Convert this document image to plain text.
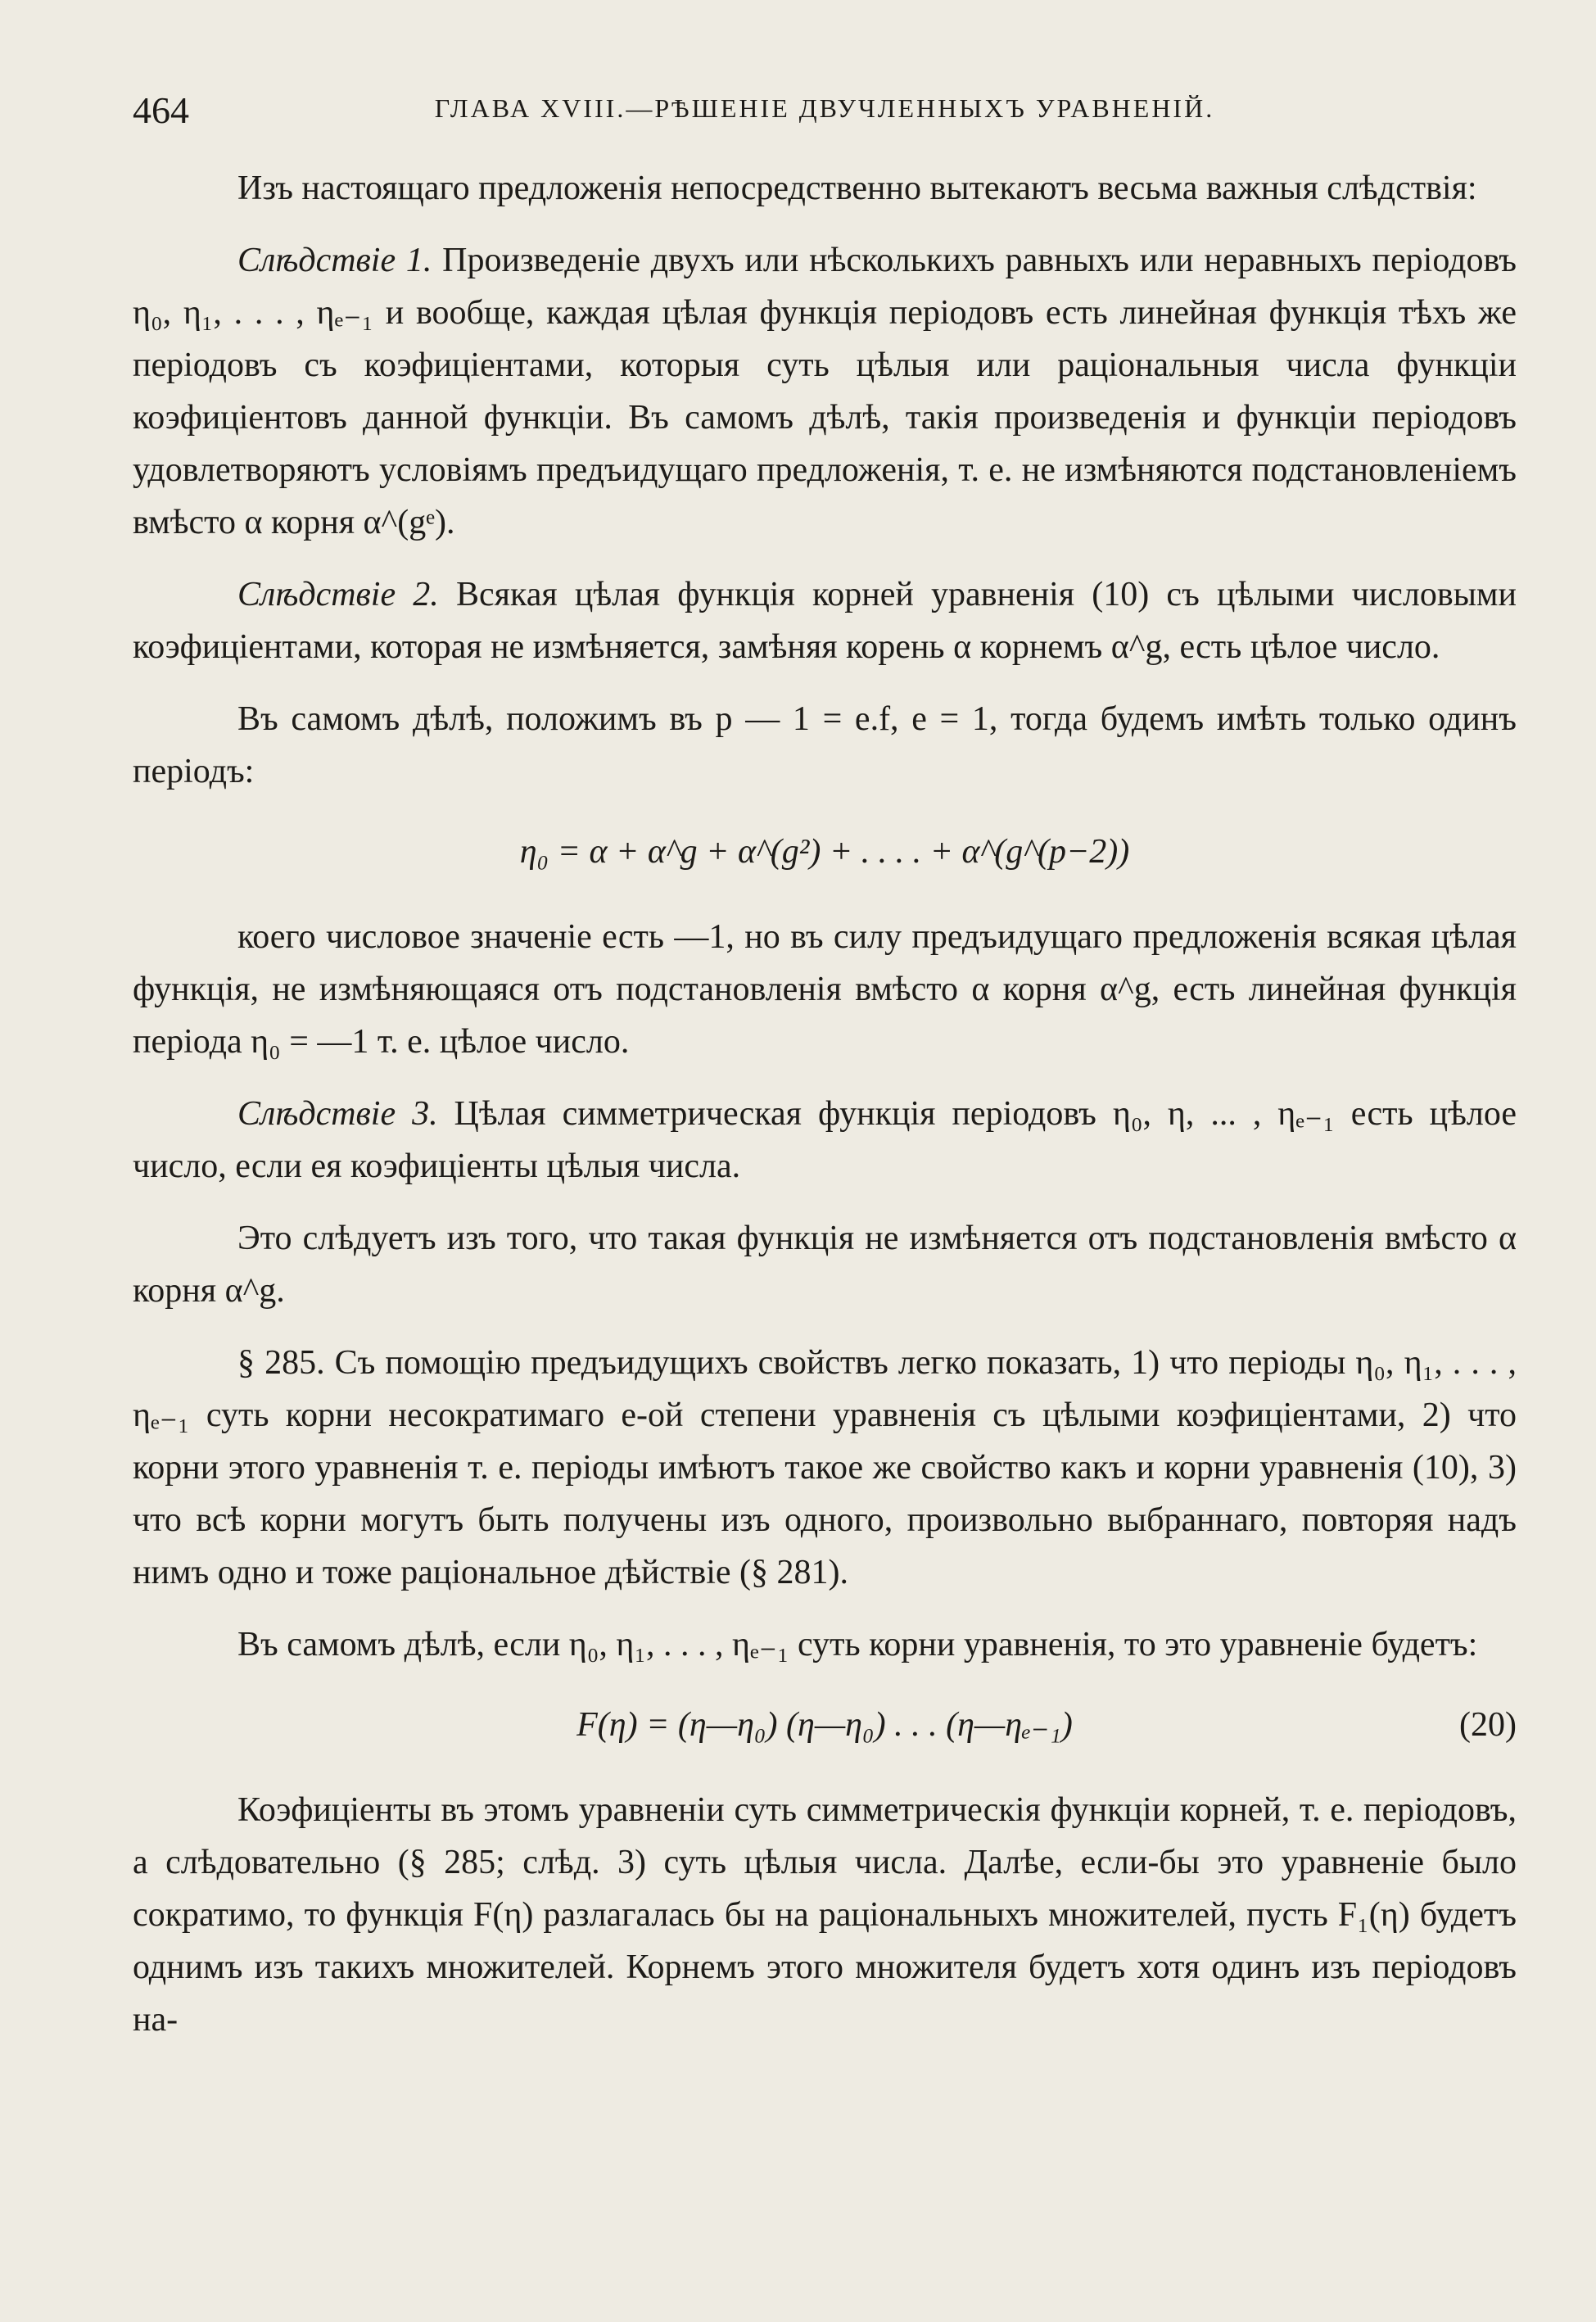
464	ГЛАВА XVIII.—РѢШЕНІЕ ДВУЧЛЕННЫХЪ УРАВНЕНІЙ.

Изъ настоящаго предложенія непосредственно вытекаютъ весьма важныя слѣдствія:

Слѣдствіе 1. Произведеніе двухъ или нѣсколькихъ равныхъ или неравныхъ періодовъ η₀, η₁, . . . , ηₑ₋₁ и вообще, каждая цѣлая функція періодовъ есть линейная функція тѣхъ же періодовъ съ коэфиціентами, которыя суть цѣлыя или раціональныя числа функціи коэфиціентовъ данной функціи. Въ самомъ дѣлѣ, такія произведенія и функціи періодовъ удовлетворяютъ условіямъ предъидущаго предложенія, т. е. не измѣняются подстановленіемъ вмѣсто α корня α^(gᵉ).

Слѣдствіе 2. Всякая цѣлая функція корней уравненія (10) съ цѣлыми числовыми коэфиціентами, которая не измѣняется, замѣняя корень α корнемъ α^g, есть цѣлое число.

Въ самомъ дѣлѣ, положимъ въ p — 1 = e.f, e = 1, тогда будемъ имѣть только одинъ періодъ:

η₀ = α + α^g + α^(g²) + . . . . + α^(g^(p−2))

коего числовое значеніе есть —1, но въ силу предъидущаго предложенія всякая цѣлая функція, не измѣняющаяся отъ подстановленія вмѣсто α корня α^g, есть линейная функція періода η₀ = —1 т. е. цѣлое число.

Слѣдствіе 3. Цѣлая симметрическая функція періодовъ η₀, η, ... , ηₑ₋₁ есть цѣлое число, если ея коэфиціенты цѣлыя числа.

Это слѣдуетъ изъ того, что такая функція не измѣняется отъ подстановленія вмѣсто α корня α^g.

§ 285. Съ помощію предъидущихъ свойствъ легко показать, 1) что періоды η₀, η₁, . . . , ηₑ₋₁ суть корни несократимаго e-ой степени уравненія съ цѣлыми коэфиціентами, 2) что корни этого уравненія т. е. періоды имѣютъ такое же свойство какъ и корни уравненія (10), 3) что всѣ корни могутъ быть получены изъ одного, произвольно выбраннаго, повторяя надъ нимъ одно и тоже раціональное дѣйствіе (§ 281).

Въ самомъ дѣлѣ, если η₀, η₁, . . . , ηₑ₋₁ суть корни уравненія, то это уравненіе будетъ:

F(η) = (η—η₀) (η—η₀) . . . (η—ηₑ₋₁)	(20)

Коэфиціенты въ этомъ уравненіи суть симметрическія функціи корней, т. е. періодовъ, а слѣдовательно (§ 285; слѣд. 3) суть цѣлыя числа. Далѣе, если-бы это уравненіе было сократимо, то функція F(η) разлагалась бы на раціональныхъ множителей, пусть F₁(η) будетъ однимъ изъ такихъ множителей. Корнемъ этого множителя будетъ хотя одинъ изъ періодовъ на-
